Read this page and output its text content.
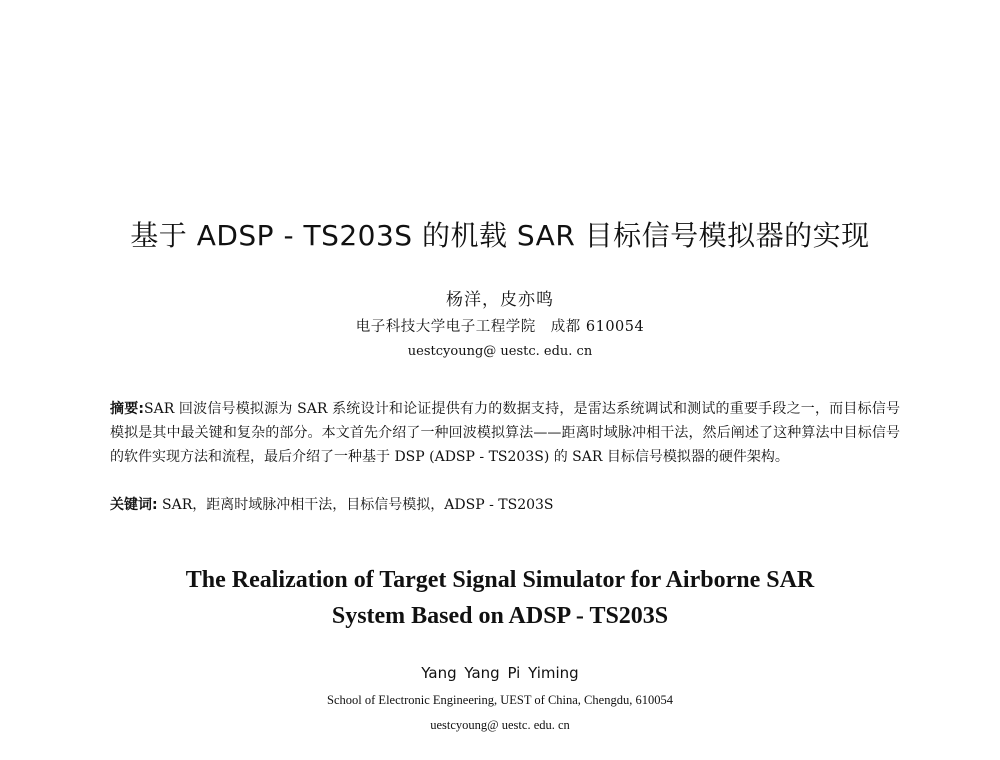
基于 ADSP - TS203S 的机载 SAR 目标信号模拟器的实现
杨洋，皮亦鸣
电子科技大学电子工程学院　成都 610054
uestcyoung@ uestc. edu. cn
摘要:SAR 回波信号模拟源为 SAR 系统设计和论证提供有力的数据支持，是雷达系统调试和测试的重要手段之一，而目标信号模拟是其中最关键和复杂的部分。本文首先介绍了一种回波模拟算法——距离时域脉冲相干法，然后阐述了这种算法中目标信号的软件实现方法和流程，最后介绍了一种基于 DSP (ADSP - TS203S) 的 SAR 目标信号模拟器的硬件架构。
关键词: SAR，距离时域脉冲相干法，目标信号模拟，ADSP - TS203S
The Realization of Target Signal Simulator for Airborne SAR
System Based on ADSP - TS203S
Yang Yang Pi Yiming
School of Electronic Engineering, UEST of China, Chengdu, 610054
uestcyoung@ uestc. edu. cn
